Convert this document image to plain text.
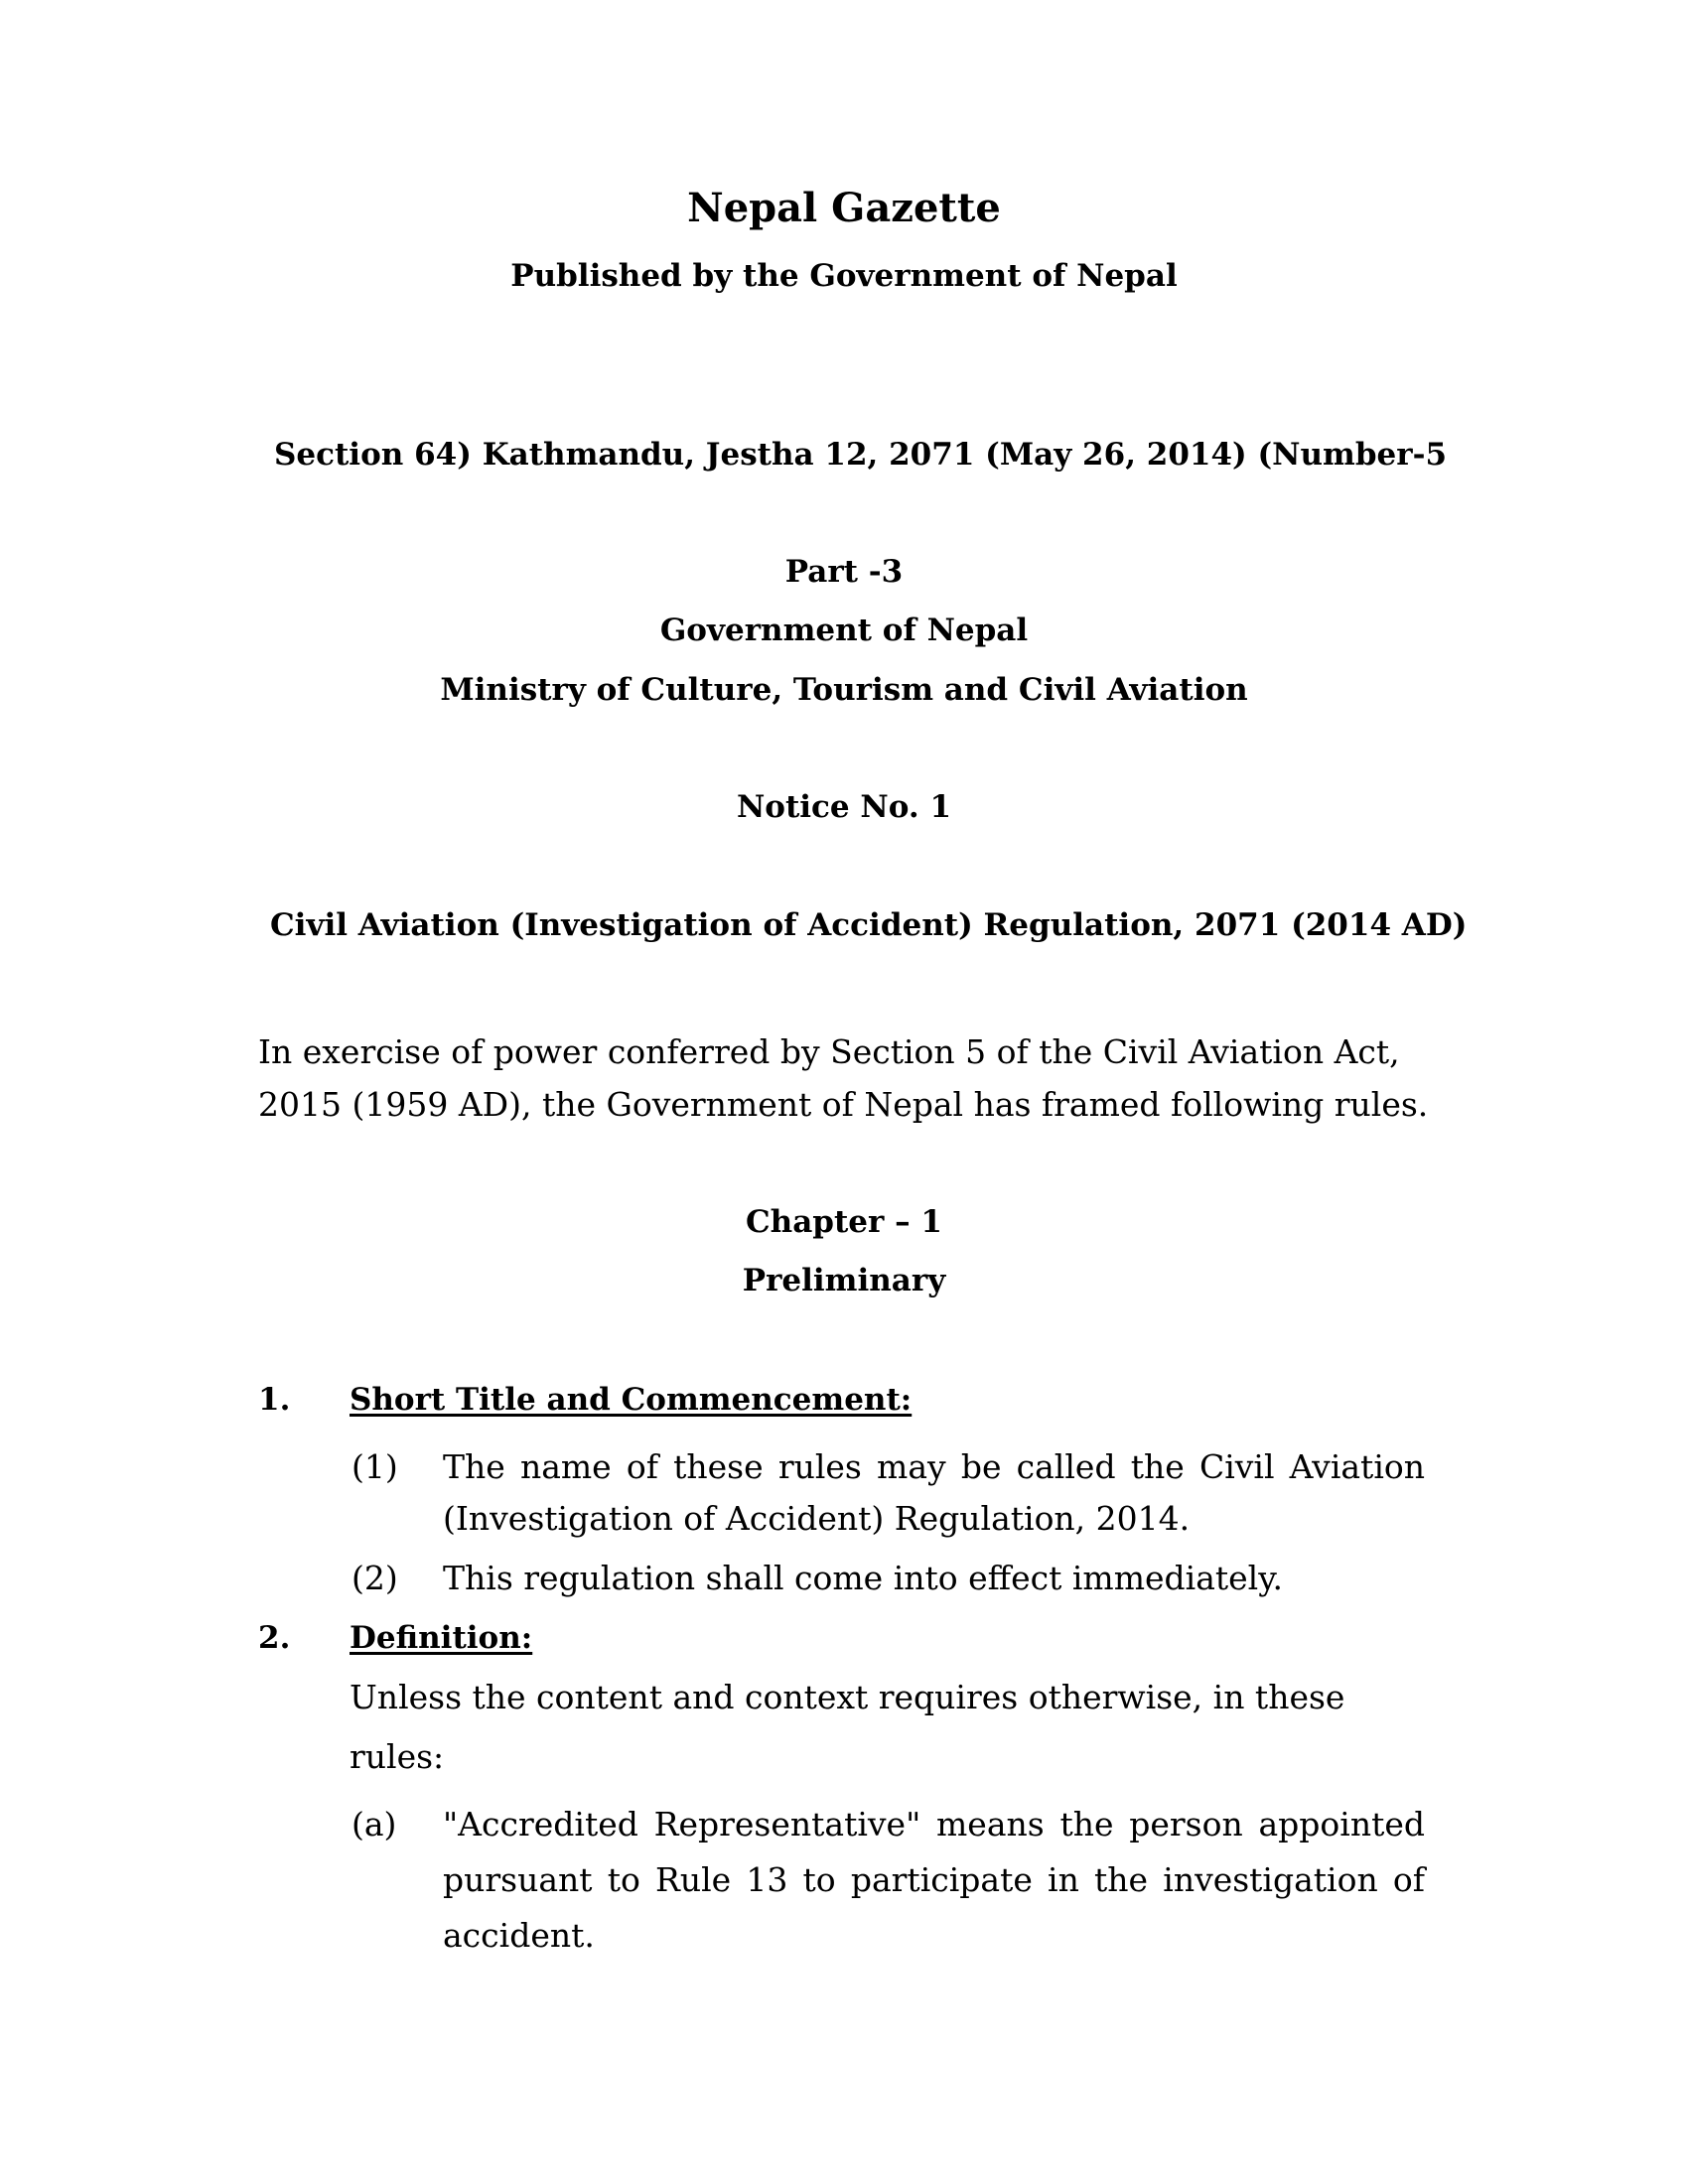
Nepal Gazette
Published by the Government of Nepal
Section 64) Kathmandu, Jestha 12, 2071 (May 26, 2014) (Number-5
Part -3
Government of Nepal
Ministry of Culture, Tourism and Civil Aviation
Notice No. 1
Civil Aviation (Investigation of Accident) Regulation, 2071 (2014 AD)
In exercise of power conferred by Section 5 of the Civil Aviation Act,
2015 (1959 AD), the Government of Nepal has framed following rules.
Chapter – 1
Preliminary
1. Short Title and Commencement:
(1) The name of these rules may be called the Civil Aviation
(Investigation of Accident) Regulation, 2014.
(2) This regulation shall come into effect immediately.
2. Definition:
Unless the content and context requires otherwise, in these
rules:
(a) "Accredited Representative" means the person appointed
pursuant to Rule 13 to participate in the investigation of
accident.
